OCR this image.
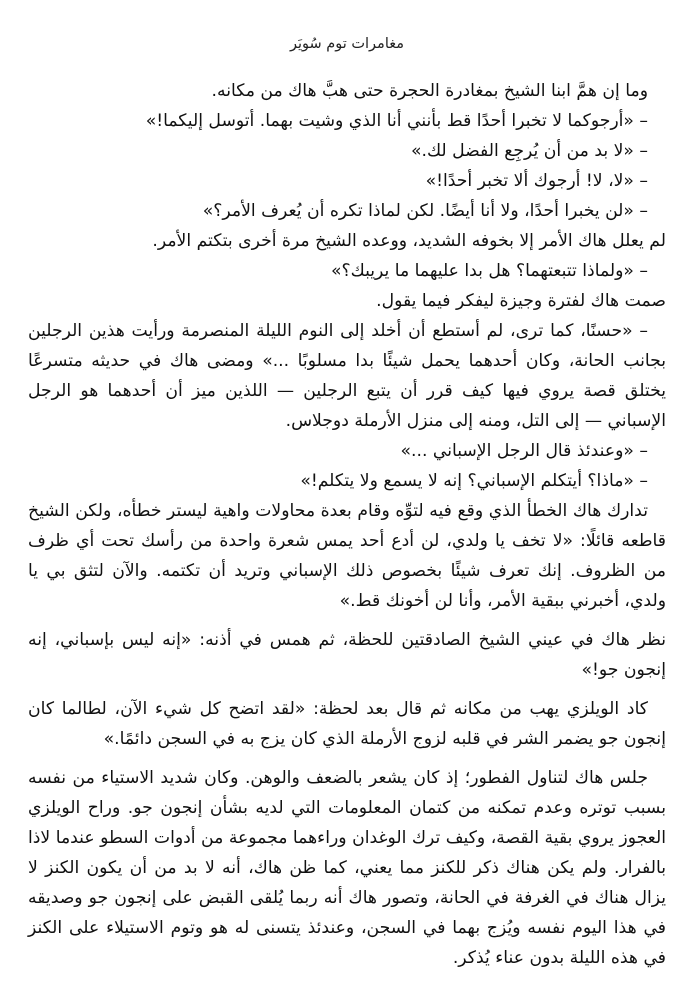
مغامرات توم سُويَر

وما إن همَّ ابنا الشيخ بمغادرة الحجرة حتى هبَّ هاك من مكانه.

– «أرجوكما لا تخبرا أحدًا قط بأنني أنا الذي وشيت بهما. أتوسل إليكما!»

– «لا بد من أن يُرجِع الفضل لك.»

– «لا، لا! أرجوك ألا تخبر أحدًا!»

– «لن يخبرا أحدًا، ولا أنا أيضًا. لكن لماذا تكره أن يُعرف الأمر؟»

لم يعلل هاك الأمر إلا بخوفه الشديد، ووعده الشيخ مرة أخرى بتكتم الأمر.

– «ولماذا تتبعتهما؟ هل بدا عليهما ما يريبك؟»

صمت هاك لفترة وجيزة ليفكر فيما يقول.

– «حسنًا، كما ترى، لم أستطع أن أخلد إلى النوم الليلة المنصرمة ورأيت هذين الرجلين بجانب الحانة، وكان أحدهما يحمل شيئًا بدا مسلوبًا ...» ومضى هاك في حديثه متسرعًا يختلق قصة يروي فيها كيف قرر أن يتبع الرجلين — اللذين ميز أن أحدهما هو الرجل الإسباني — إلى التل، ومنه إلى منزل الأرملة دوجلاس.

– «وعندئذ قال الرجل الإسباني ...»

– «ماذا؟ أيتكلم الإسباني؟ إنه لا يسمع ولا يتكلم!»

تدارك هاك الخطأ الذي وقع فيه لتوِّه وقام بعدة محاولات واهية ليستر خطأه، ولكن الشيخ قاطعه قائلًا: «لا تخف يا ولدي، لن أدع أحد يمس شعرة واحدة من رأسك تحت أي ظرف من الظروف. إنك تعرف شيئًا بخصوص ذلك الإسباني وتريد أن تكتمه. والآن لتثق بي يا ولدي، أخبرني ببقية الأمر، وأنا لن أخونك قط.»

نظر هاك في عيني الشيخ الصادقتين للحظة، ثم همس في أذنه: «إنه ليس بإسباني، إنه إنجون جو!»

كاد الويلزي يهب من مكانه ثم قال بعد لحظة: «لقد اتضح كل شيء الآن، لطالما كان إنجون جو يضمر الشر في قلبه لزوج الأرملة الذي كان يزج به في السجن دائمًا.»

جلس هاك لتناول الفطور؛ إذ كان يشعر بالضعف والوهن. وكان شديد الاستياء من نفسه بسبب توتره وعدم تمكنه من كتمان المعلومات التي لديه بشأن إنجون جو. وراح الويلزي العجوز يروي بقية القصة، وكيف ترك الوغدان وراءهما مجموعة من أدوات السطو عندما لاذا بالفرار. ولم يكن هناك ذكر للكنز مما يعني، كما ظن هاك، أنه لا بد من أن يكون الكنز لا يزال هناك في الغرفة في الحانة، وتصور هاك أنه ربما يُلقى القبض على إنجون جو وصديقه في هذا اليوم نفسه ويُزج بهما في السجن، وعندئذ يتسنى له هو وتوم الاستيلاء على الكنز في هذه الليلة بدون عناء يُذكر.
